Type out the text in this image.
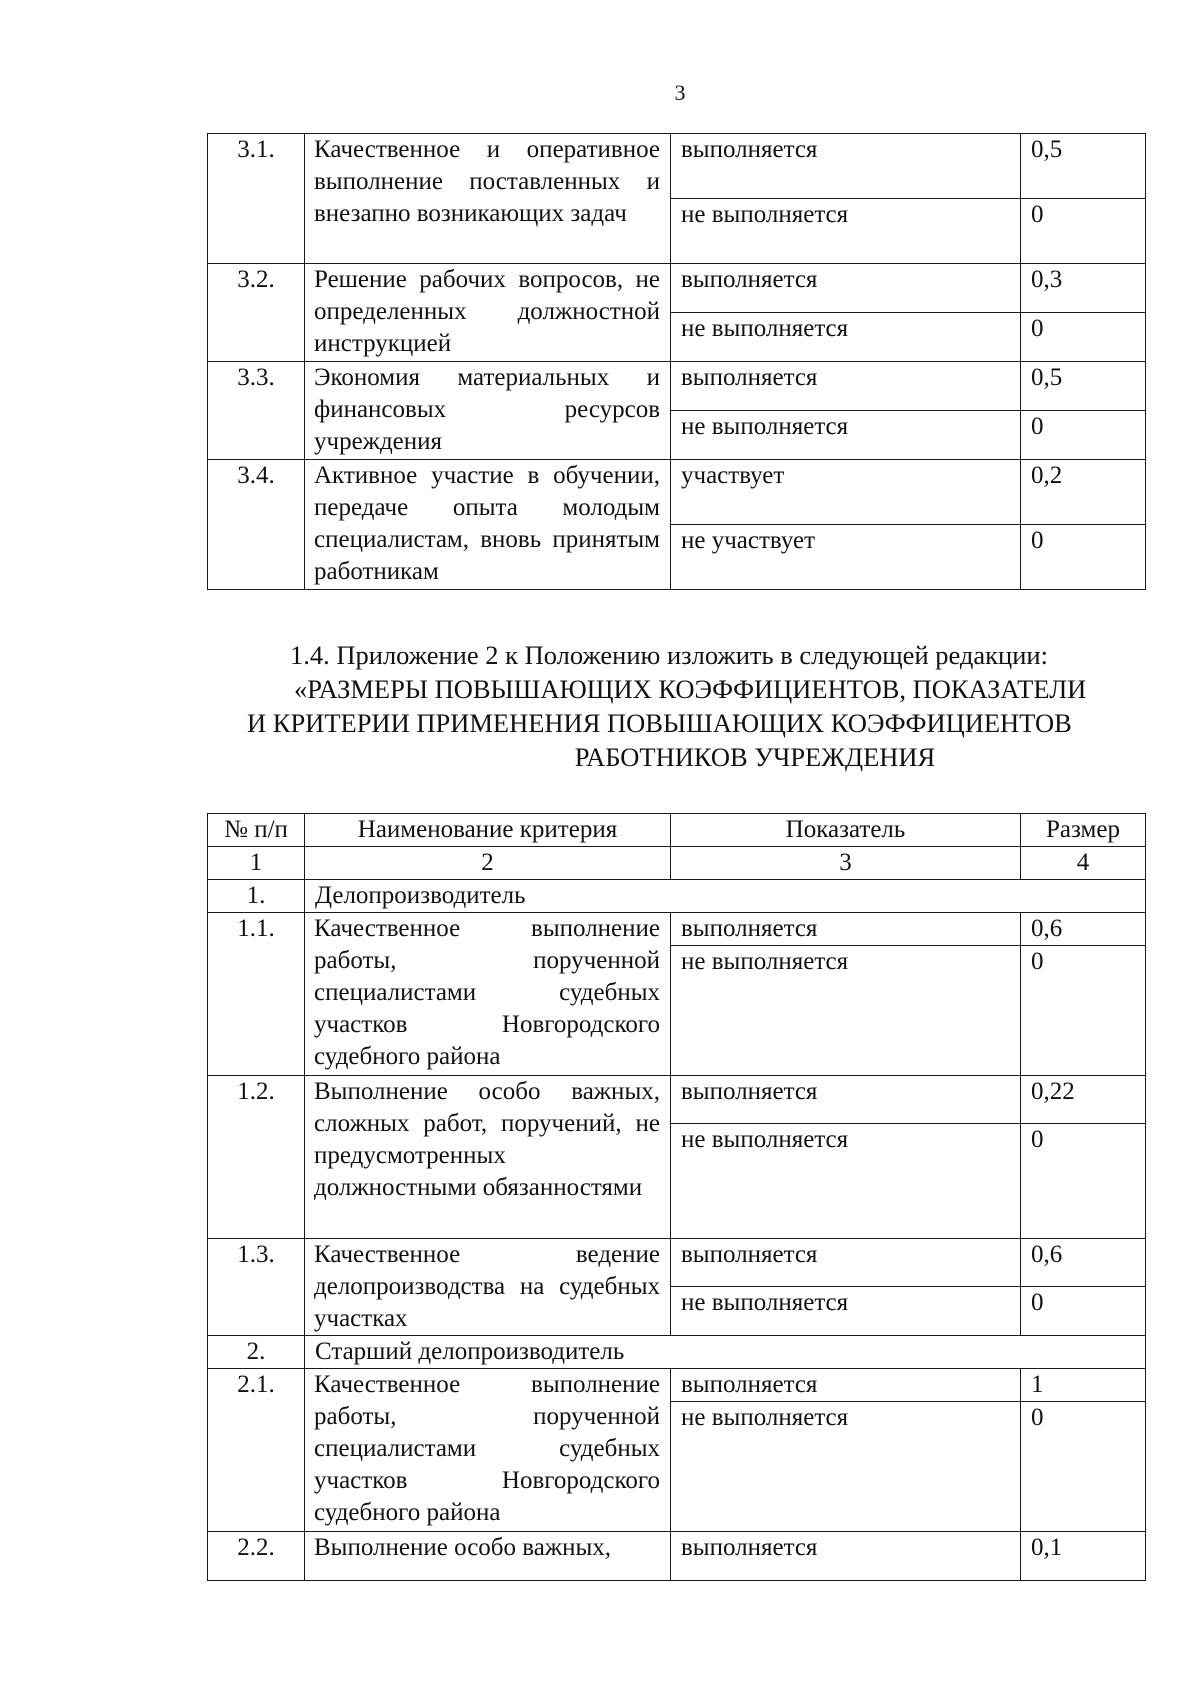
3
3.1.	Качественное и оперативное выполнение поставленных и внезапно возникающих задач	выполняется	0,5
		не выполняется	0
3.2.	Решение рабочих вопросов, не определенных должностной инструкцией	выполняется	0,3
		не выполняется	0
3.3.	Экономия материальных и финансовых ресурсов учреждения	выполняется	0,5
		не выполняется	0
3.4.	Активное участие в обучении, передаче опыта молодым специалистам, вновь принятым работникам	участвует	0,2
		не участвует	0
1.4. Приложение 2 к Положению изложить в следующей редакции:
«РАЗМЕРЫ ПОВЫШАЮЩИХ КОЭФФИЦИЕНТОВ, ПОКАЗАТЕЛИ
И КРИТЕРИИ ПРИМЕНЕНИЯ ПОВЫШАЮЩИХ КОЭФФИЦИЕНТОВ
РАБОТНИКОВ УЧРЕЖДЕНИЯ
№ п/п	Наименование критерия	Показатель	Размер
1	2	3	4
1.	Делопроизводитель		
1.1.	Качественное выполнение работы, порученной специалистами судебных участков Новгородского судебного района	выполняется	0,6
		не выполняется	0
1.2.	Выполнение особо важных, сложных работ, поручений, не предусмотренных должностными обязанностями	выполняется	0,22
		не выполняется	0
1.3.	Качественное ведение делопроизводства на судебных участках	выполняется	0,6
		не выполняется	0
2.	Старший делопроизводитель		
2.1.	Качественное выполнение работы, порученной специалистами судебных участков Новгородского судебного района	выполняется	1
		не выполняется	0
2.2.	Выполнение особо важных,	выполняется	0,1
